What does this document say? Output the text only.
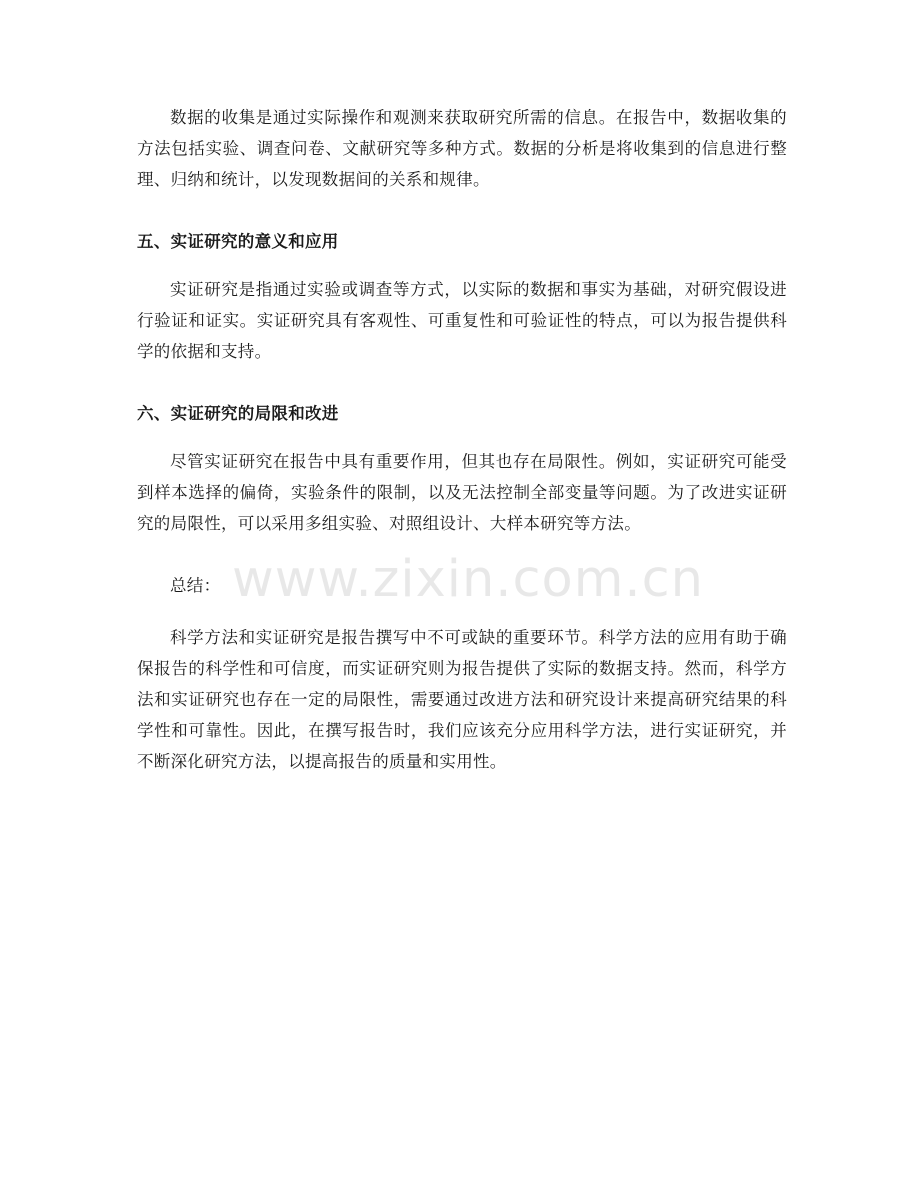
数据的收集是通过实际操作和观测来获取研究所需的信息。在报告中，数据收集的方法包括实验、调查问卷、文献研究等多种方式。数据的分析是将收集到的信息进行整理、归纳和统计，以发现数据间的关系和规律。

五、实证研究的意义和应用

实证研究是指通过实验或调查等方式，以实际的数据和事实为基础，对研究假设进行验证和证实。实证研究具有客观性、可重复性和可验证性的特点，可以为报告提供科学的依据和支持。

六、实证研究的局限和改进

尽管实证研究在报告中具有重要作用，但其也存在局限性。例如，实证研究可能受到样本选择的偏倚，实验条件的限制，以及无法控制全部变量等问题。为了改进实证研究的局限性，可以采用多组实验、对照组设计、大样本研究等方法。

总结：

科学方法和实证研究是报告撰写中不可或缺的重要环节。科学方法的应用有助于确保报告的科学性和可信度，而实证研究则为报告提供了实际的数据支持。然而，科学方法和实证研究也存在一定的局限性，需要通过改进方法和研究设计来提高研究结果的科学性和可靠性。因此，在撰写报告时，我们应该充分应用科学方法，进行实证研究，并不断深化研究方法，以提高报告的质量和实用性。

www.zixin.com.cn
